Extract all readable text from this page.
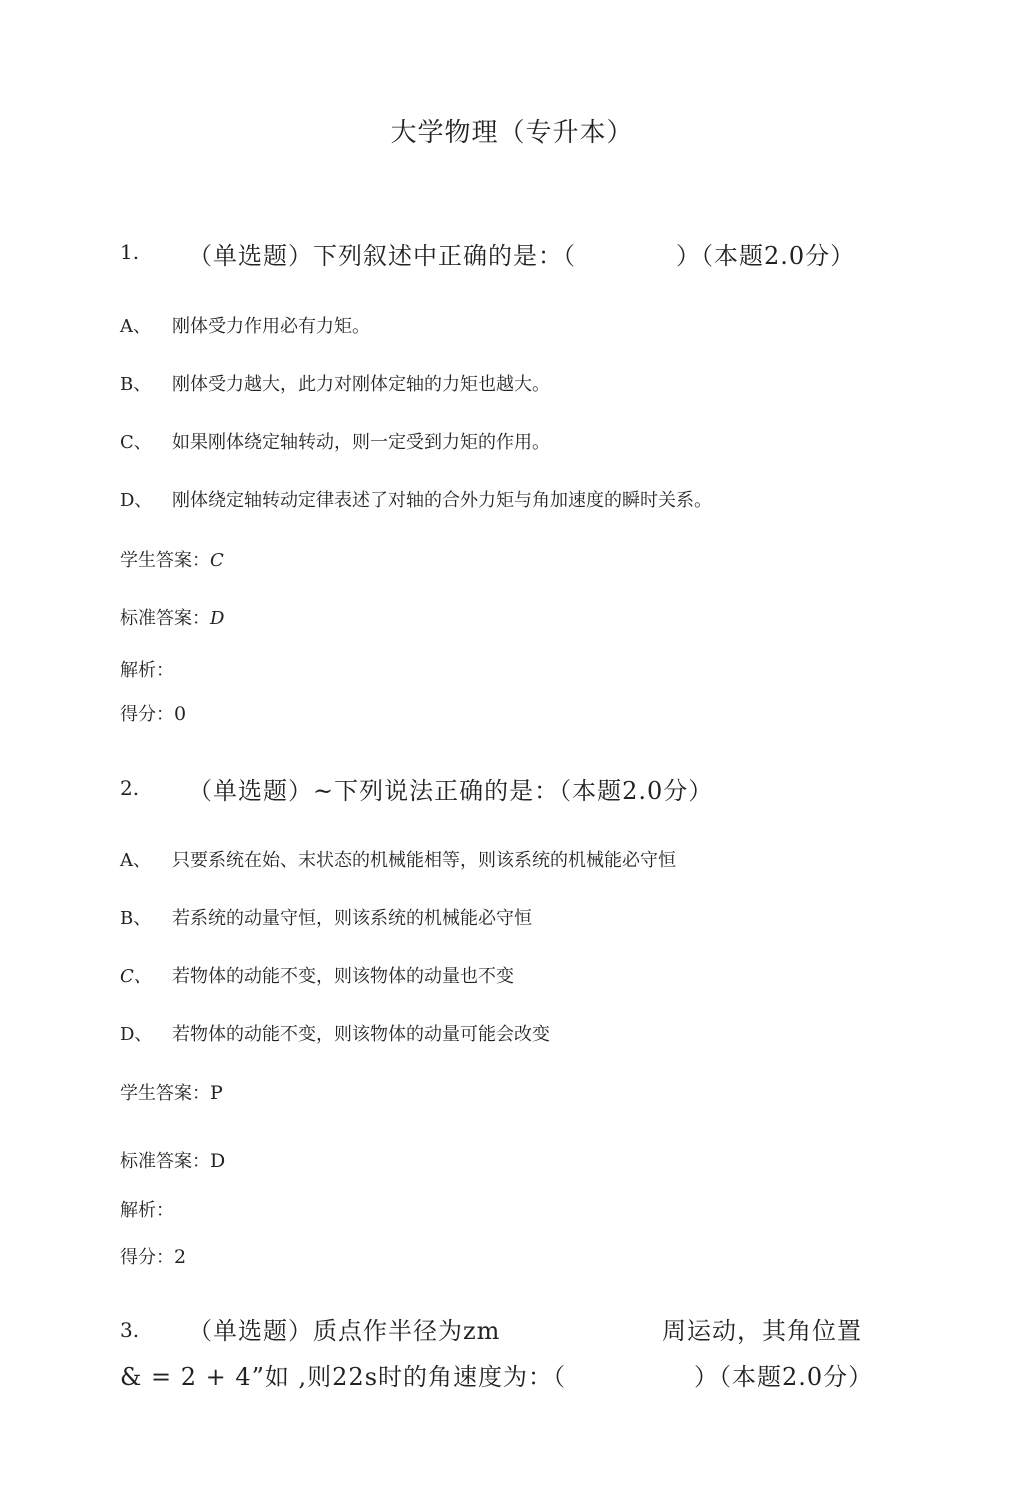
大学物理（专升本）
1. （单选题）下列叙述中正确的是：（　　　　）（本题2.0分）
A、 刚体受力作用必有力矩。
B、 刚体受力越大，此力对刚体定轴的力矩也越大。
C、 如果刚体绕定轴转动，则一定受到力矩的作用。
D、 刚体绕定轴转动定律表述了对轴的合外力矩与角加速度的瞬时关系。
学生答案：C
标准答案：D
解析：
得分：0
2. （单选题）~下列说法正确的是：（本题2.0分）
A、 只要系统在始、末状态的机械能相等，则该系统的机械能必守恒
B、 若系统的动量守恒，则该系统的机械能必守恒
C、 若物体的动能不变，则该物体的动量也不变
D、 若物体的动能不变，则该物体的动量可能会改变
学生答案：P
标准答案：D
解析：
得分：2
3. （单选题）质点作半径为zm	周运动，其角位置
& = 2 + 4”如 ,则22s时的角速度为：（	）（本题2.0分）
